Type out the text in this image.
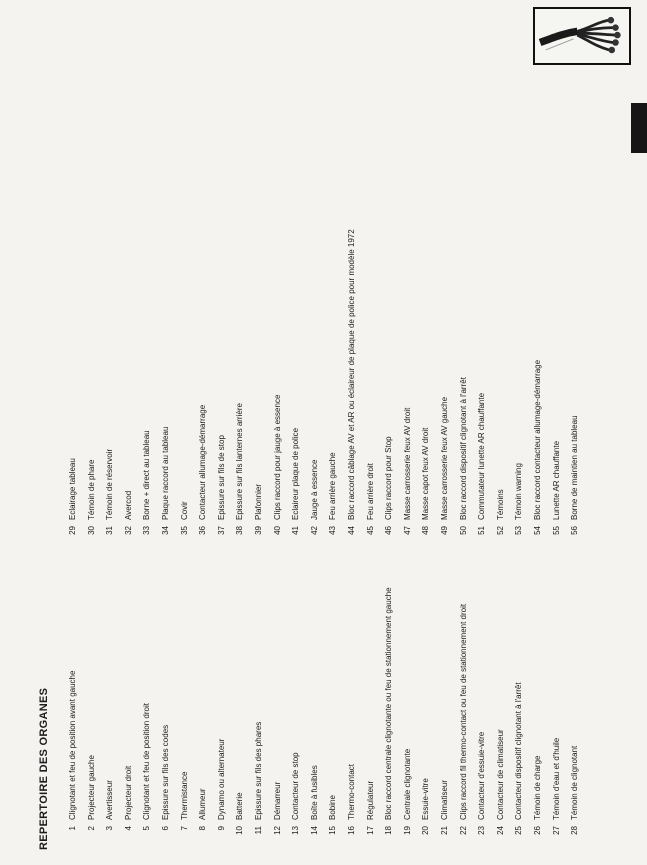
REPERTOIRE DES ORGANES 1Clignotant et feu de position avant gauche
2Projecteur gauche
3Avertisseur
4Projecteur droit
5Clignotant et feu de position droit
6Epissure sur fils des codes
7Thermistance
8Allumeur
9Dynamo ou alternateur
10Batterie
11Epissure sur fils des phares
12Démarreur
13Contacteur de stop
14Boîte à fusibles
15Bobine
16Thermo-contact
17Régulateur
18Bloc raccord centrale clignotante ou feu de stationnement gauche
19Centrale clignotante
20Essuie-vitre
21Climatiseur
22Clips raccord fil thermo-contact ou feu de stationnement droit
23Contacteur d'essuie-vitre
24Contacteur de climatiseur
25Contacteur dispositif clignotant à l'arrêt
26Témoin de charge
27Témoin d'eau et d'huile
28Témoin de clignotant
29Eclairage tableau
30Témoin de phare
31Témoin de réservoir
32Avercod
33Borne + direct au tableau
34Plaque raccord au tableau
35Covir
36Contacteur allumage-démarrage
37Epissure sur fils de stop
38Epissure sur fils lanternes arrière
39Plafonnier
40Clips raccord pour jauge à essence
41Eclaireur plaque de police
42Jauge à essence
43Feu arrière gauche
44Bloc raccord câblage AV et AR ou éclaireur de plaque de police pour modèle 1972
45Feu arrière droit
46Clips raccord pour Stop
47Masse carrosserie feux AV droit
48Masse capot feux AV droit
49Masse carrosserie feux AV gauche
50Bloc raccord dispositif clignotant à l'arrêt
51Commutateur lunette AR chauffante
52Témoins
53Témoin warning
54Bloc raccord contacteur allumage-démarrage
55Lunette AR chauffante
56Borne de maintien au tableau
